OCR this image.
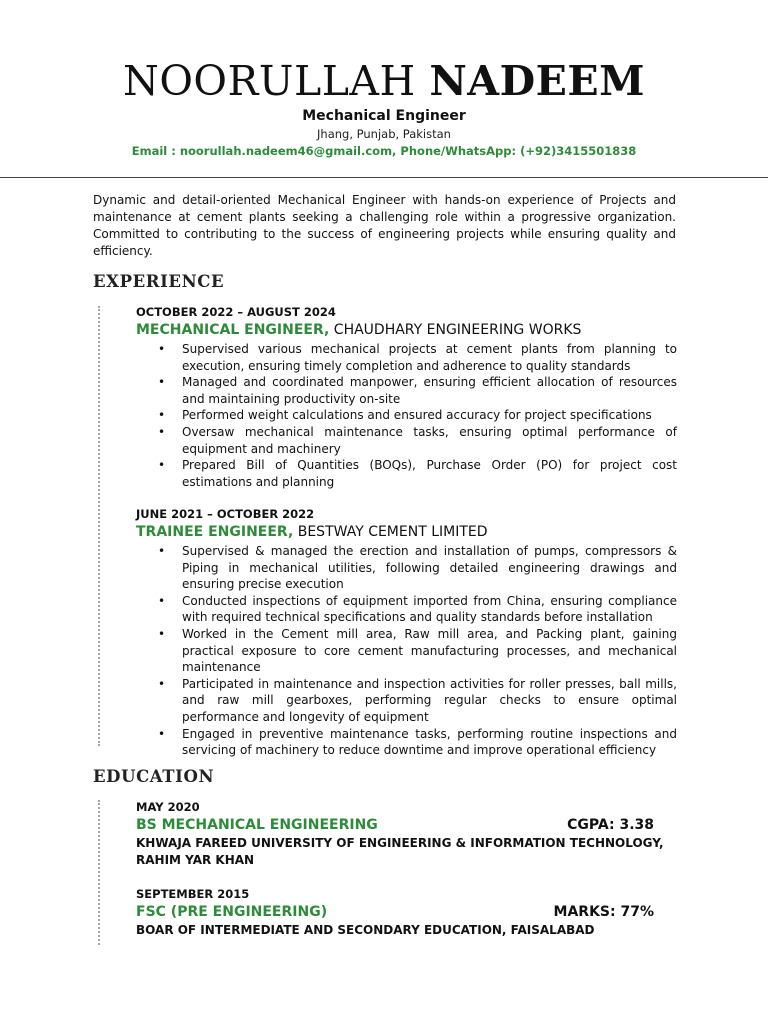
NOORULLAH NADEEM
Mechanical Engineer
Jhang, Punjab, Pakistan
Email : noorullah.nadeem46@gmail.com, Phone/WhatsApp: (+92)3415501838
Dynamic and detail-oriented Mechanical Engineer with hands-on experience of Projects and maintenance at cement plants seeking a challenging role within a progressive organization. Committed to contributing to the success of engineering projects while ensuring quality and efficiency.
EXPERIENCE
OCTOBER 2022 – AUGUST 2024
MECHANICAL ENGINEER, CHAUDHARY ENGINEERING WORKS
• Supervised various mechanical projects at cement plants from planning to execution, ensuring timely completion and adherence to quality standards
• Managed and coordinated manpower, ensuring efficient allocation of resources and maintaining productivity on-site
• Performed weight calculations and ensured accuracy for project specifications
• Oversaw mechanical maintenance tasks, ensuring optimal performance of equipment and machinery
• Prepared Bill of Quantities (BOQs), Purchase Order (PO) for project cost estimations and planning
JUNE 2021 – OCTOBER 2022
TRAINEE ENGINEER, BESTWAY CEMENT LIMITED
• Supervised & managed the erection and installation of pumps, compressors & Piping in mechanical utilities, following detailed engineering drawings and ensuring precise execution
• Conducted inspections of equipment imported from China, ensuring compliance with required technical specifications and quality standards before installation
• Worked in the Cement mill area, Raw mill area, and Packing plant, gaining practical exposure to core cement manufacturing processes, and mechanical maintenance
• Participated in maintenance and inspection activities for roller presses, ball mills, and raw mill gearboxes, performing regular checks to ensure optimal performance and longevity of equipment
• Engaged in preventive maintenance tasks, performing routine inspections and servicing of machinery to reduce downtime and improve operational efficiency
EDUCATION
MAY 2020
BS MECHANICAL ENGINEERING	CGPA: 3.38
KHWAJA FAREED UNIVERSITY OF ENGINEERING & INFORMATION TECHNOLOGY, RAHIM YAR KHAN
SEPTEMBER 2015
FSC (PRE ENGINEERING)	MARKS: 77%
BOAR OF INTERMEDIATE AND SECONDARY EDUCATION, FAISALABAD
